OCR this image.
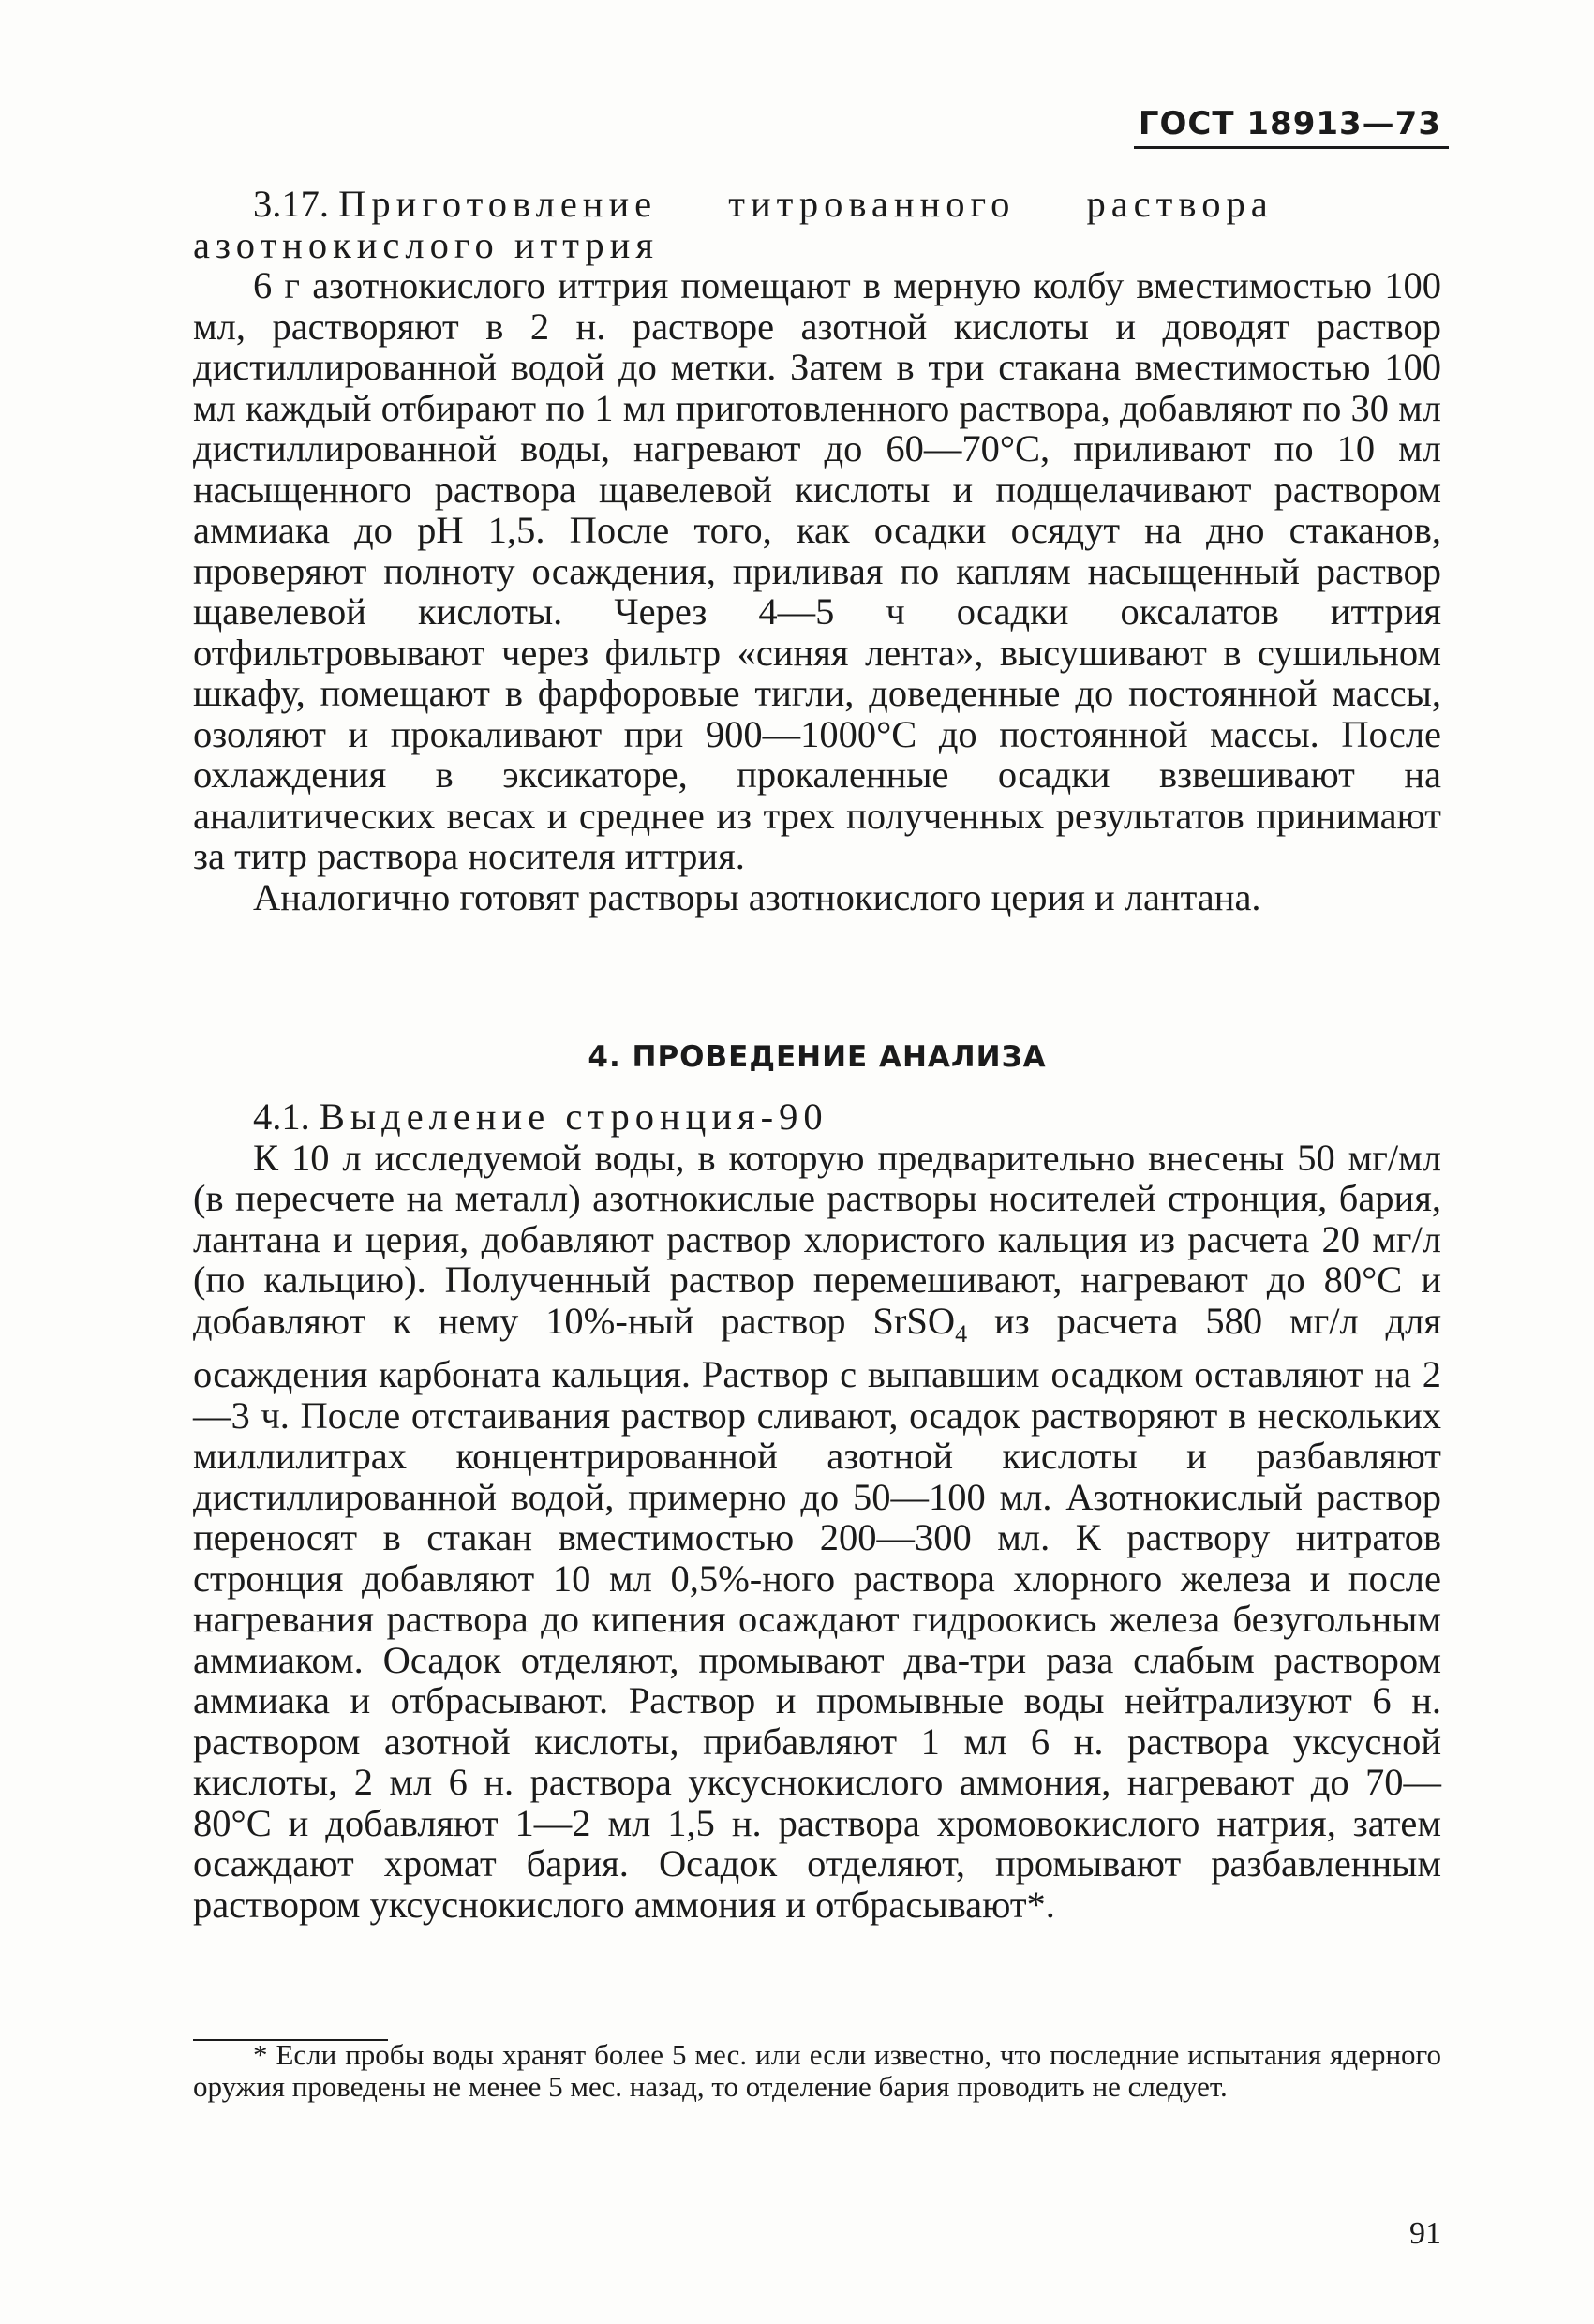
ГОСТ 18913—73

3.17. Приготовление титрованного раствора

азотнокислого иттрия

6 г азотнокислого иттрия помещают в мерную колбу вместимостью 100 мл, растворяют в 2 н. растворе азотной кислоты и доводят раствор дистиллированной водой до метки. Затем в три стакана вместимостью 100 мл каждый отбирают по 1 мл приготовленного раствора, добавляют по 30 мл дистиллированной воды, нагревают до 60—70°С, приливают по 10 мл насыщенного раствора щавелевой кислоты и подщелачивают раствором аммиака до рН 1,5. После того, как осадки осядут на дно стаканов, проверяют полноту осаждения, приливая по каплям насыщенный раствор щавелевой кислоты. Через 4—5 ч осадки оксалатов иттрия отфильтровывают через фильтр «синяя лента», высушивают в сушильном шкафу, помещают в фарфоровые тигли, доведенные до постоянной массы, озоляют и прокаливают при 900—1000°С до постоянной массы. После охлаждения в эксикаторе, прокаленные осадки взвешивают на аналитических весах и среднее из трех полученных результатов принимают за титр раствора носителя иттрия.

Аналогично готовят растворы азотнокислого церия и лантана.

4. ПРОВЕДЕНИЕ АНАЛИЗА

4.1. Выделение стронция-90

К 10 л исследуемой воды, в которую предварительно внесены 50 мг/мл (в пересчете на металл) азотнокислые растворы носителей стронция, бария, лантана и церия, добавляют раствор хлористого кальция из расчета 20 мг/л (по кальцию). Полученный раствор перемешивают, нагревают до 80°С и добавляют к нему 10%-ный раствор SrSO$_4$ из расчета 580 мг/л для осаждения карбоната кальция. Раствор с выпавшим осадком оставляют на 2—3 ч. После отстаивания раствор сливают, осадок растворяют в нескольких миллилитрах концентрированной азотной кислоты и разбавляют дистиллированной водой, примерно до 50—100 мл. Азотнокислый раствор переносят в стакан вместимостью 200—300 мл. К раствору нитратов стронция добавляют 10 мл 0,5%-ного раствора хлорного железа и после нагревания раствора до кипения осаждают гидроокись железа безугольным аммиаком. Осадок отделяют, промывают два-три раза слабым раствором аммиака и отбрасывают. Раствор и промывные воды нейтрализуют 6 н. раствором азотной кислоты, прибавляют 1 мл 6 н. раствора уксусной кислоты, 2 мл 6 н. раствора уксуснокислого аммония, нагревают до 70—80°С и добавляют 1—2 мл 1,5 н. раствора хромовокислого натрия, затем осаждают хромат бария. Осадок отделяют, промывают разбавленным раствором уксуснокислого аммония и отбрасывают*.

* Если пробы воды хранят более 5 мес. или если известно, что последние испытания ядерного оружия проведены не менее 5 мес. назад, то отделение бария проводить не следует.

91
